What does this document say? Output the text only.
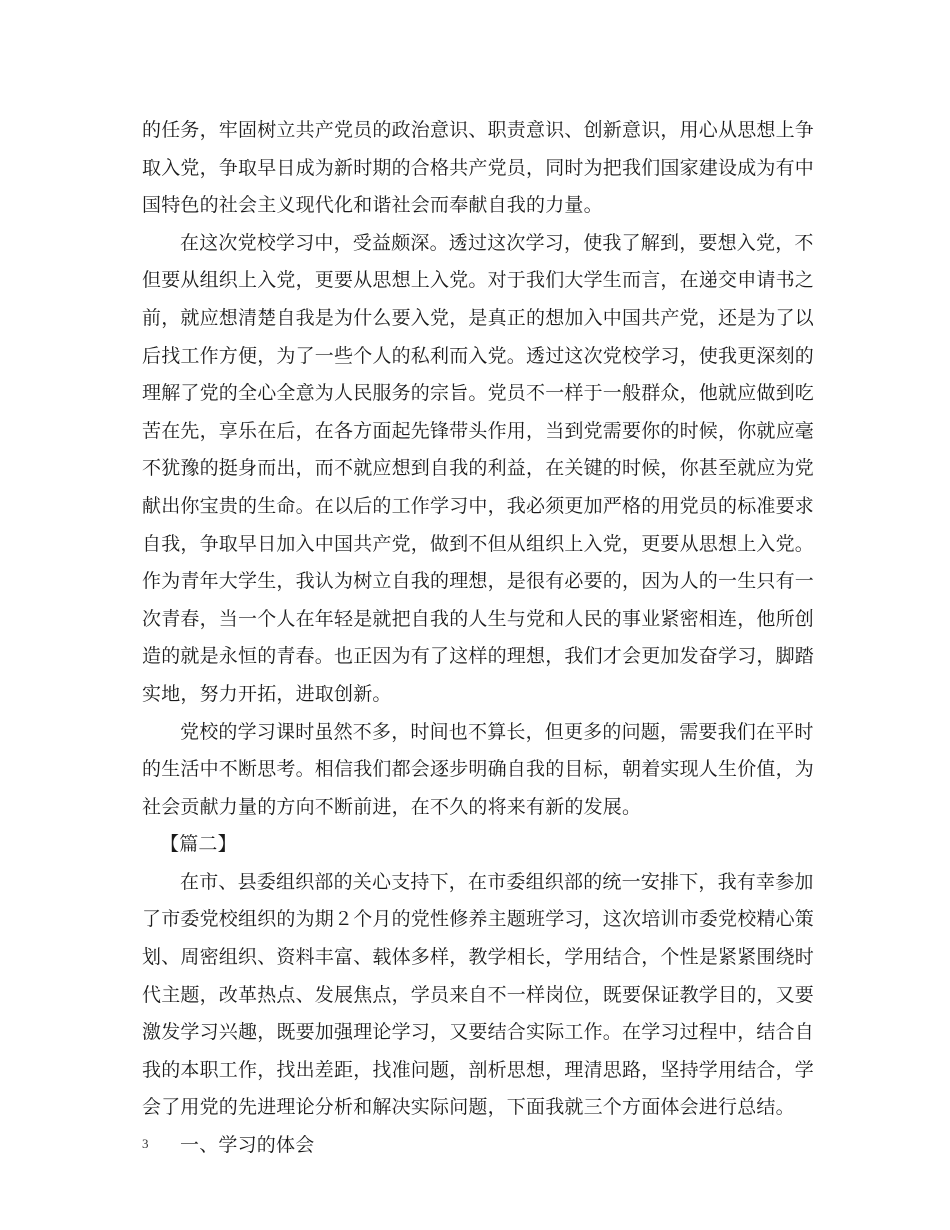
的任务，牢固树立共产党员的政治意识、职责意识、创新意识，用心从思想上争
取入党，争取早日成为新时期的合格共产党员，同时为把我们国家建设成为有中
国特色的社会主义现代化和谐社会而奉献自我的力量。
在这次党校学习中，受益颇深。透过这次学习，使我了解到，要想入党，不
但要从组织上入党，更要从思想上入党。对于我们大学生而言，在递交申请书之
前，就应想清楚自我是为什么要入党，是真正的想加入中国共产党，还是为了以
后找工作方便，为了一些个人的私利而入党。透过这次党校学习，使我更深刻的
理解了党的全心全意为人民服务的宗旨。党员不一样于一般群众，他就应做到吃
苦在先，享乐在后，在各方面起先锋带头作用，当到党需要你的时候，你就应毫
不犹豫的挺身而出，而不就应想到自我的利益，在关键的时候，你甚至就应为党
献出你宝贵的生命。在以后的工作学习中，我必须更加严格的用党员的标准要求
自我，争取早日加入中国共产党，做到不但从组织上入党，更要从思想上入党。
作为青年大学生，我认为树立自我的理想，是很有必要的，因为人的一生只有一
次青春，当一个人在年轻是就把自我的人生与党和人民的事业紧密相连，他所创
造的就是永恒的青春。也正因为有了这样的理想，我们才会更加发奋学习，脚踏
实地，努力开拓，进取创新。
党校的学习课时虽然不多，时间也不算长，但更多的问题，需要我们在平时
的生活中不断思考。相信我们都会逐步明确自我的目标，朝着实现人生价值，为
社会贡献力量的方向不断前进，在不久的将来有新的发展。
【篇二】
在市、县委组织部的关心支持下，在市委组织部的统一安排下，我有幸参加
了市委党校组织的为期２个月的党性修养主题班学习，这次培训市委党校精心策
划、周密组织、资料丰富、载体多样，教学相长，学用结合，个性是紧紧围绕时
代主题，改革热点、发展焦点，学员来自不一样岗位，既要保证教学目的，又要
激发学习兴趣，既要加强理论学习，又要结合实际工作。在学习过程中，结合自
我的本职工作，找出差距，找准问题，剖析思想，理清思路，坚持学用结合，学
会了用党的先进理论分析和解决实际问题，下面我就三个方面体会进行总结。
一、学习的体会
3
